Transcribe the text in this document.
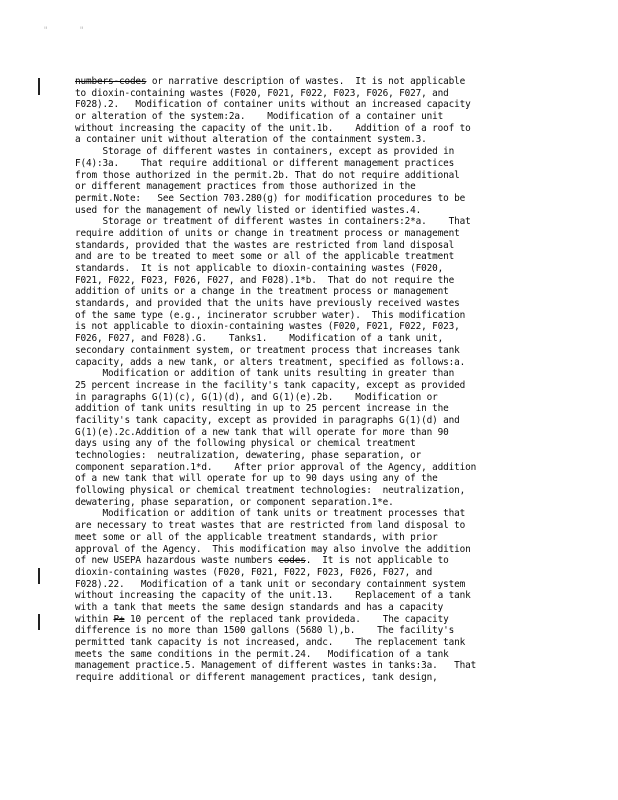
"	"
numbers-codes or narrative description of wastes.  It is not applicable
to dioxin-containing wastes (F020, F021, F022, F023, F026, F027, and
F028).2.   Modification of container units without an increased capacity
or alteration of the system:2a.    Modification of a container unit
without increasing the capacity of the unit.1b.    Addition of a roof to
a container unit without alteration of the containment system.3.
Storage of different wastes in containers, except as provided in
F(4):3a.    That require additional or different management practices
from those authorized in the permit.2b. That do not require additional
or different management practices from those authorized in the
permit.Note:   See Section 703.280(g) for modification procedures to be
used for the management of newly listed or identified wastes.4.
Storage or treatment of different wastes in containers:2*a.    That
require addition of units or change in treatment process or management
standards, provided that the wastes are restricted from land disposal
and are to be treated to meet some or all of the applicable treatment
standards.  It is not applicable to dioxin-containing wastes (F020,
F021, F022, F023, F026, F027, and F028).1*b.  That do not require the
addition of units or a change in the treatment process or management
standards, and provided that the units have previously received wastes
of the same type (e.g., incinerator scrubber water).  This modification
is not applicable to dioxin-containing wastes (F020, F021, F022, F023,
F026, F027, and F028).G.    Tanks1.    Modification of a tank unit,
secondary containment system, or treatment process that increases tank
capacity, adds a new tank, or alters treatment, specified as follows:a.
Modification or addition of tank units resulting in greater than
25 percent increase in the facility's tank capacity, except as provided
in paragraphs G(1)(c), G(1)(d), and G(1)(e).2b.    Modification or
addition of tank units resulting in up to 25 percent increase in the
facility's tank capacity, except as provided in paragraphs G(1)(d) and
G(1)(e).2c.Addition of a new tank that will operate for more than 90
days using any of the following physical or chemical treatment
technologies:  neutralization, dewatering, phase separation, or
component separation.1*d.    After prior approval of the Agency, addition
of a new tank that will operate for up to 90 days using any of the
following physical or chemical treatment technologies:  neutralization,
dewatering, phase separation, or component separation.1*e.
Modification or addition of tank units or treatment processes that
are necessary to treat wastes that are restricted from land disposal to
meet some or all of the applicable treatment standards, with prior
approval of the Agency.  This modification may also involve the addition
of new USEPA hazardous waste numbers codes.  It is not applicable to
dioxin-containing wastes (F020, F021, F022, F023, F026, F027, and
F028).22.   Modification of a tank unit or secondary containment system
without increasing the capacity of the unit.13.    Replacement of a tank
with a tank that meets the same design standards and has a capacity
within P± 10 percent of the replaced tank provideda.    The capacity
difference is no more than 1500 gallons (5680 l),b.    The facility's
permitted tank capacity is not increased, andc.    The replacement tank
meets the same conditions in the permit.24.   Modification of a tank
management practice.5. Management of different wastes in tanks:3a.   That
require additional or different management practices, tank design,
